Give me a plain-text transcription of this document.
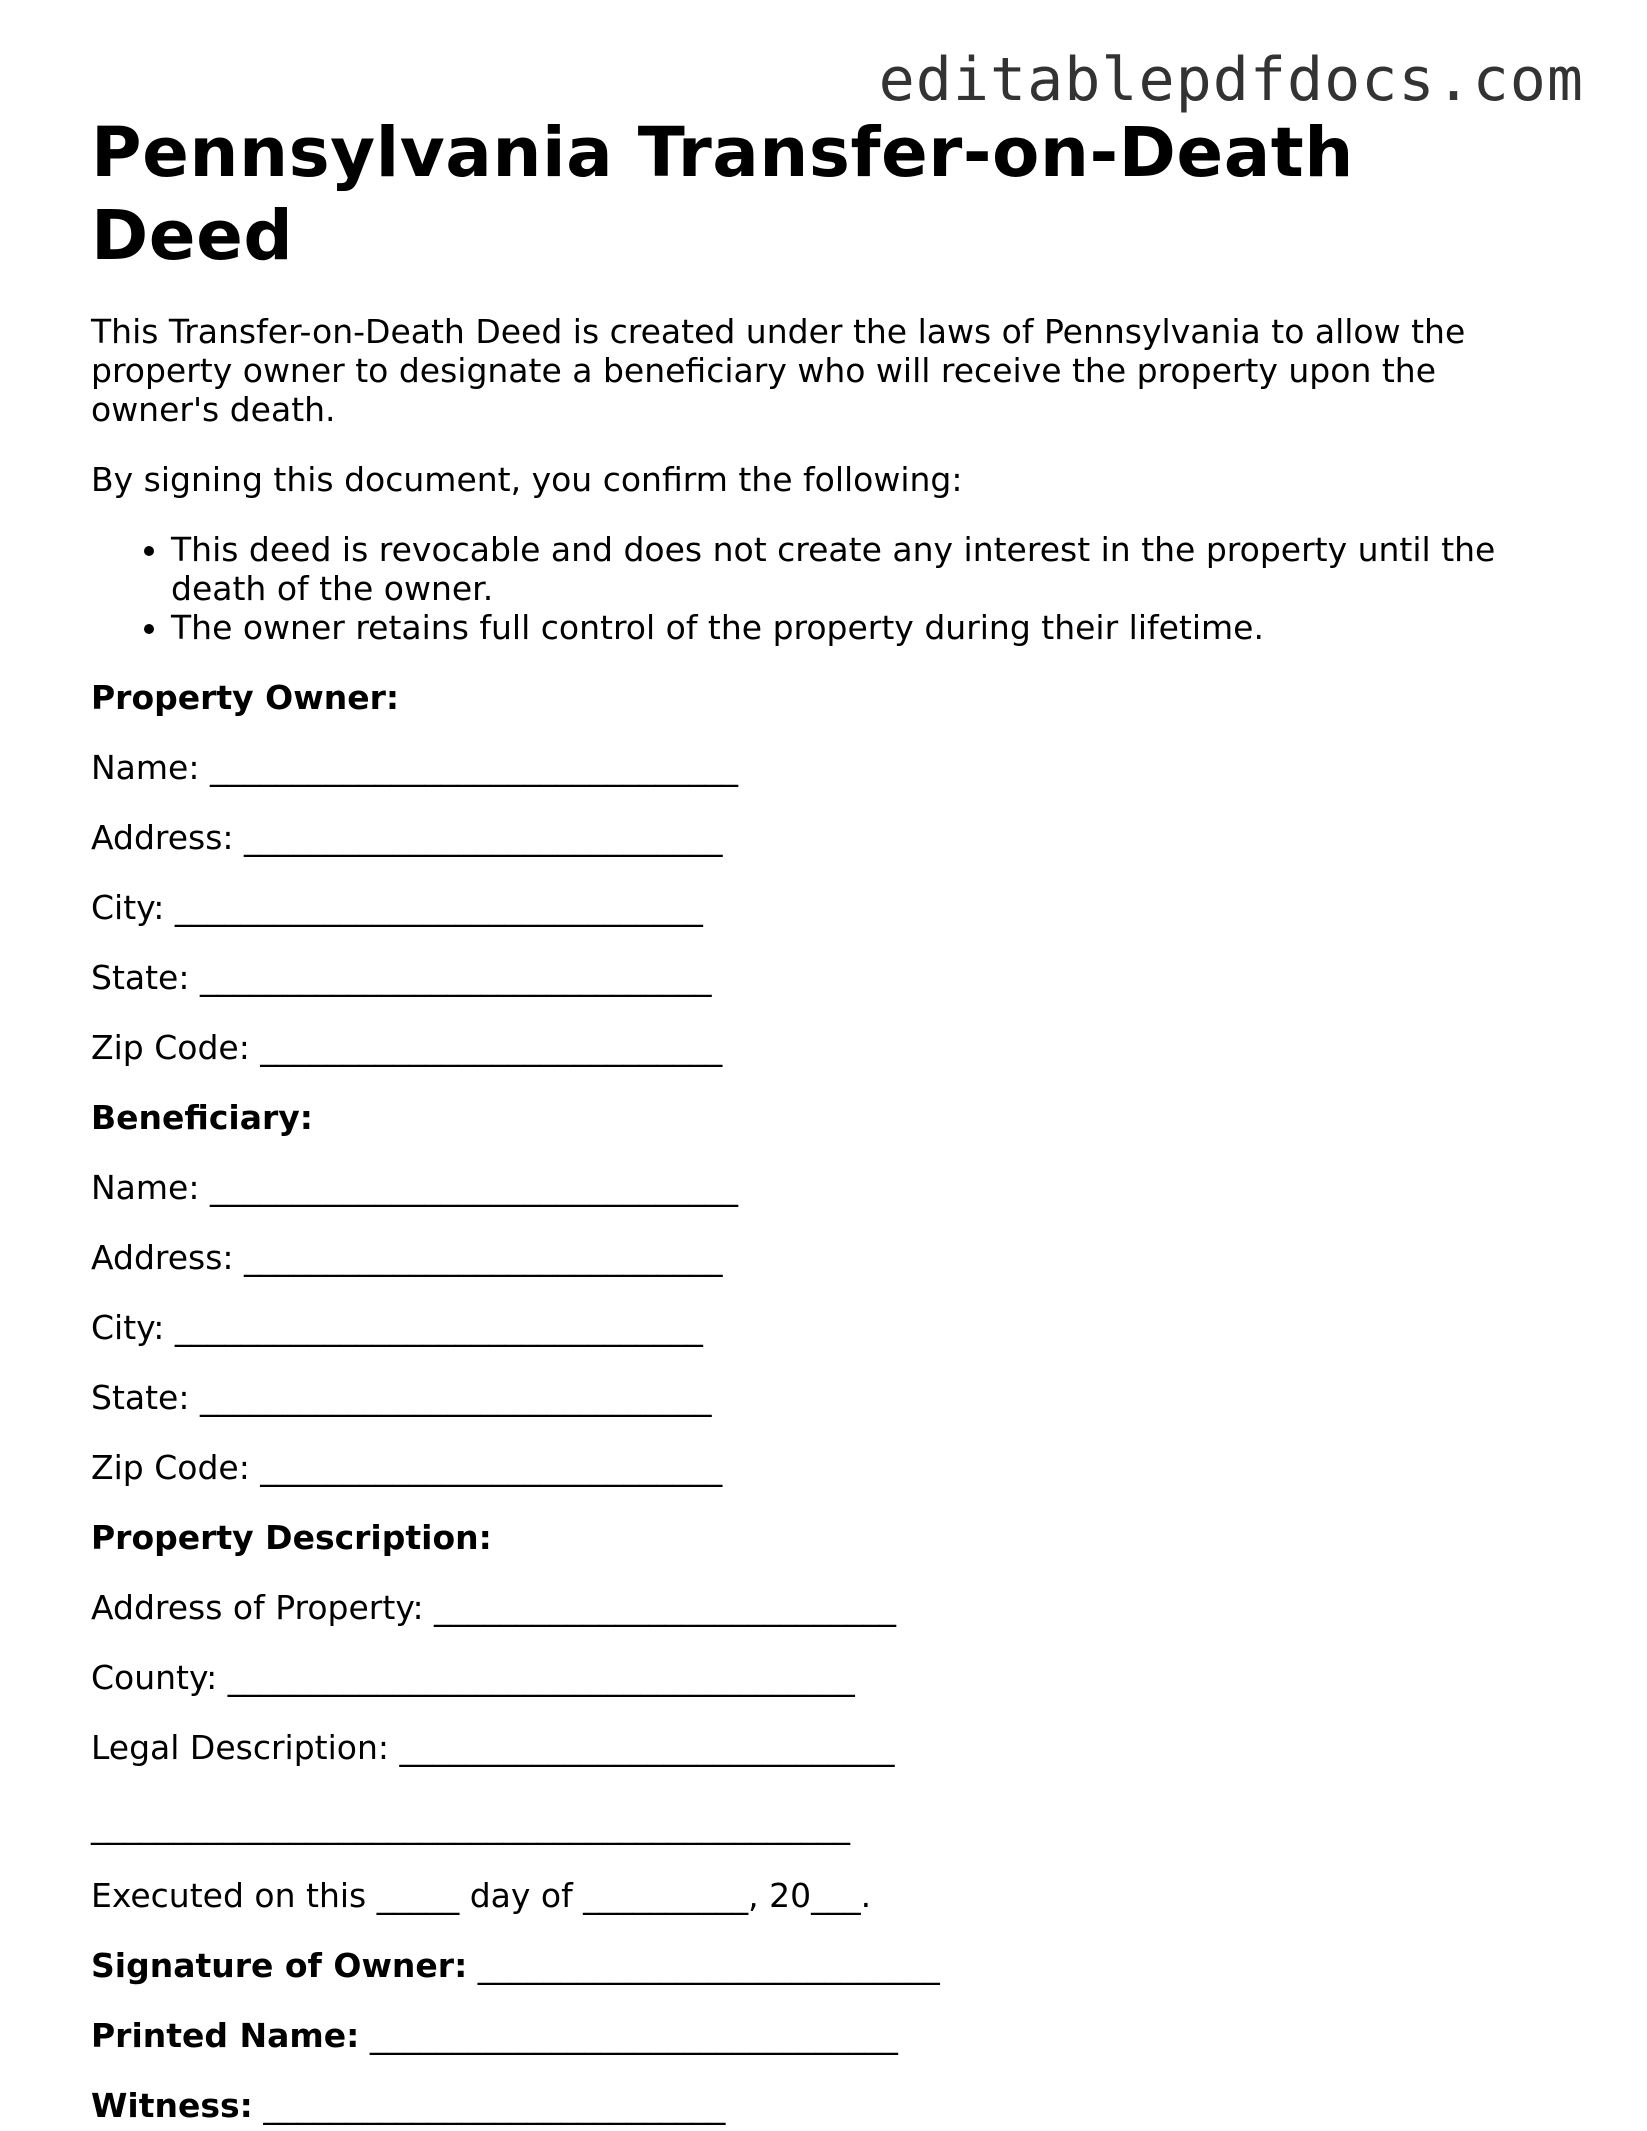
editablepdfdocs.com
Pennsylvania Transfer-on-Death Deed

This Transfer-on-Death Deed is created under the laws of Pennsylvania to allow the property owner to designate a beneficiary who will receive the property upon the owner's death.

By signing this document, you confirm the following:

• This deed is revocable and does not create any interest in the property until the death of the owner.
• The owner retains full control of the property during their lifetime.

Property Owner:

Name: ________________________________

Address: _____________________________

City: ________________________________

State: _______________________________

Zip Code: ____________________________

Beneficiary:

Name: ________________________________

Address: _____________________________

City: ________________________________

State: _______________________________

Zip Code: ____________________________

Property Description:

Address of Property: ____________________________

County: ______________________________________

Legal Description: ______________________________

______________________________________________

Executed on this _____ day of __________, 20___.

Signature of Owner: ____________________________

Printed Name: ________________________________

Witness: ____________________________
